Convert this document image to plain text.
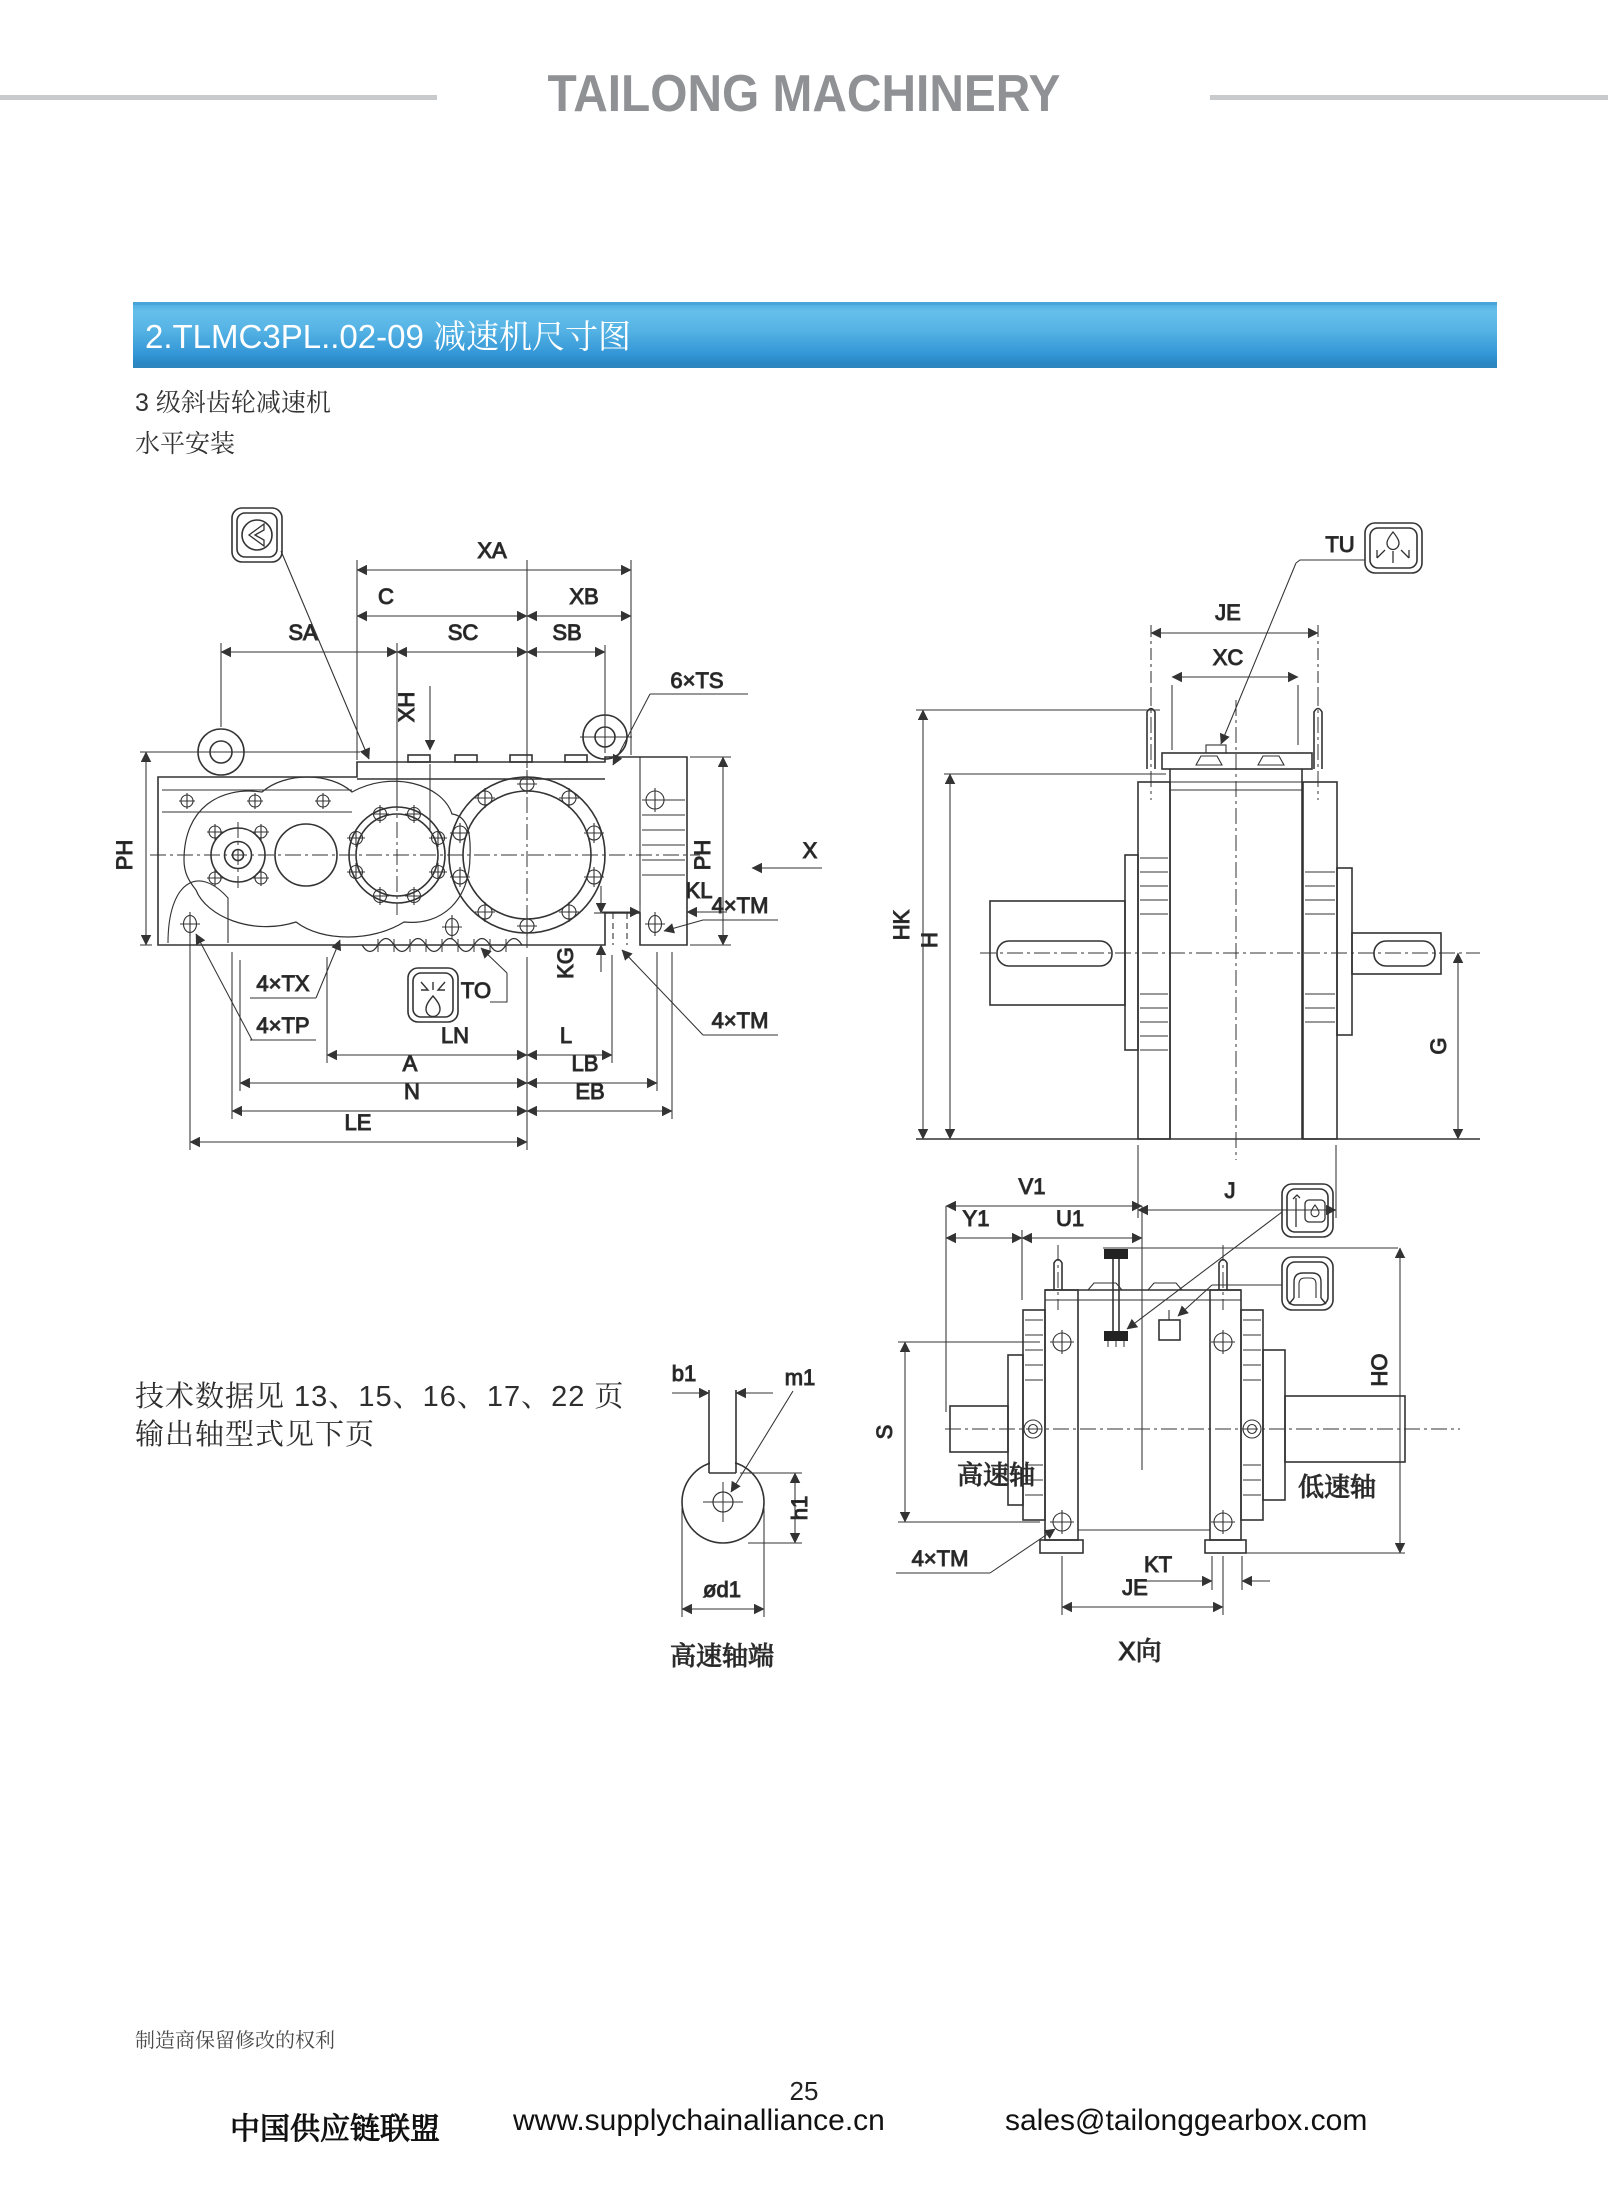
TAILONG MACHINERY
2.TLMC3PL..02-09 减速机尺寸图
3 级斜齿轮减速机
水平安装
技术数据见 13、15、16、17、22 页
输出轴型式见下页
制造商保留修改的权利
25
中国供应链联盟 www.supplychainalliance.cn	sales@tailonggearbox.com
XA
C	XB
SA	SC	SB
6×TS
XH
PH	PH	X
KL
KG
4×TM
4×TM
4×TX
4×TP
TO
LN	L
A	LB
N	EB
LE
TU
JE
XC
HK H
G
J
V1
Y1	U1
HO
S
高速轴	低速轴
4×TM	KT
JE
X向
b1	m1
h1
ød1
高速轴端
